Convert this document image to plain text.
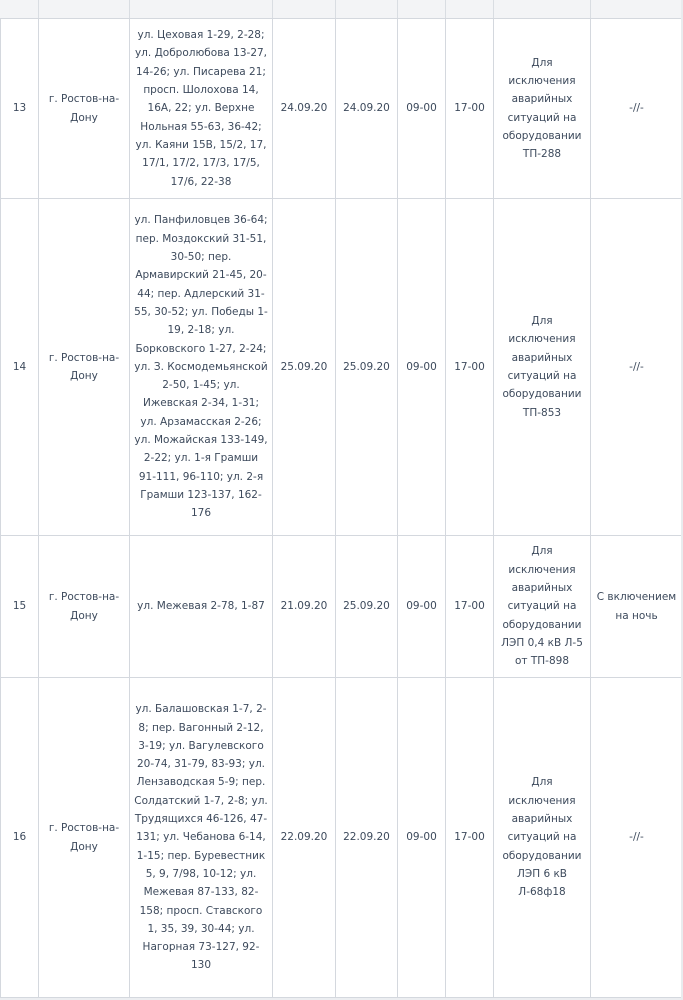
13	г. Ростов-на-Дону	ул. Цеховая 1-29, 2-28; ул. Добролюбова 13-27, 14-26; ул. Писарева 21; просп. Шолохова 14, 16А, 22; ул. Верхне Нольная 55-63, 36-42; ул. Каяни 15В, 15/2, 17, 17/1, 17/2, 17/3, 17/5, 17/6, 22-38	24.09.20	24.09.20	09-00	17-00	Для исключения аварийных ситуаций на оборудовании ТП-288	-//-
14	г. Ростов-на-Дону	ул. Панфиловцев 36-64; пер. Моздокский 31-51, 30-50; пер. Армавирский 21-45, 20-44; пер. Адлерский 31-55, 30-52; ул. Победы 1-19, 2-18; ул. Борковского 1-27, 2-24; ул. З. Космодемьянской 2-50, 1-45; ул. Ижевская 2-34, 1-31; ул. Арзамасская 2-26; ул. Можайская 133-149, 2-22; ул. 1-я Грамши 91-111, 96-110; ул. 2-я Грамши 123-137, 162-176	25.09.20	25.09.20	09-00	17-00	Для исключения аварийных ситуаций на оборудовании ТП-853	-//-
15	г. Ростов-на-Дону	ул. Межевая 2-78, 1-87	21.09.20	25.09.20	09-00	17-00	Для исключения аварийных ситуаций на оборудовании ЛЭП 0,4 кВ Л-5 от ТП-898	С включением на ночь
16	г. Ростов-на-Дону	ул. Балашовская 1-7, 2-8; пер. Вагонный 2-12, 3-19; ул. Вагулевского 20-74, 31-79, 83-93; ул. Лензаводская 5-9; пер. Солдатский 1-7, 2-8; ул. Трудящихся 46-126, 47-131; ул. Чебанова 6-14, 1-15; пер. Буревестник 5, 9, 7/98, 10-12; ул. Межевая 87-133, 82-158; просп. Ставского 1, 35, 39, 30-44; ул. Нагорная 73-127, 92-130	22.09.20	22.09.20	09-00	17-00	Для исключения аварийных ситуаций на оборудовании ЛЭП 6 кВ Л-68ф18	-//-
